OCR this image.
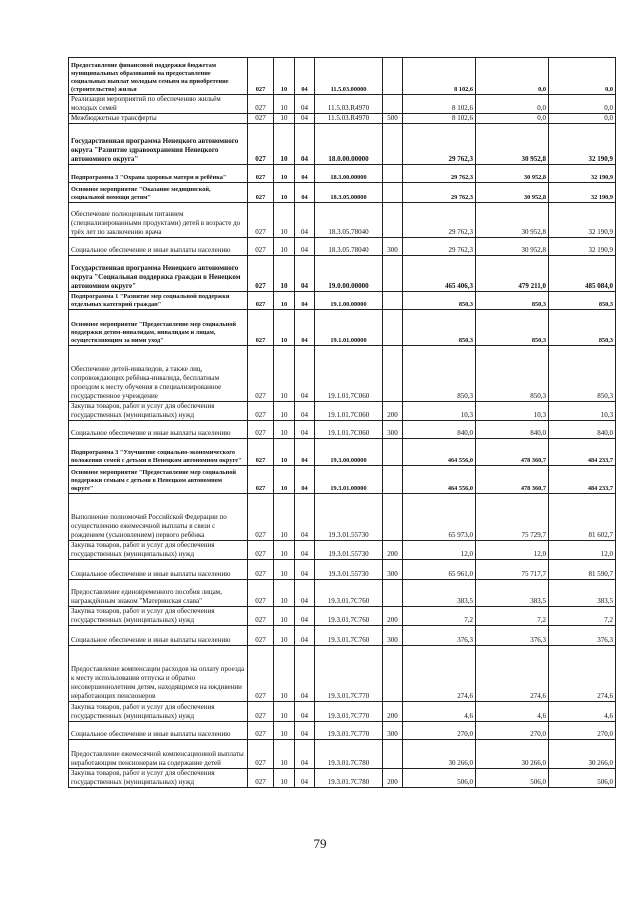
Предоставление финансовой поддержки бюджетам муниципальных образований на предоставление социальных выплат молодым семьям на приобретение (строительство) жилья	027	10	04	11.5.03.00000		8 102,6	0,0	0,0
Реализация мероприятий по обеспечению жильём молодых семей	027	10	04	11.5.03.R4970		8 102,6	0,0	0,0
Межбюджетные трансферты	027	10	04	11.5.03.R4970	500	8 102,6	0,0	0,0
Государственная программа Ненецкого автономного округа "Развитие здравоохранения Ненецкого автономного округа"	027	10	04	18.0.00.00000		29 762,3	30 952,8	32 190,9
Подпрограмма 3 "Охрана здоровья матери и ребёнка"	027	10	04	18.3.00.00000		29 762,3	30 952,8	32 190,9
Основное мероприятие "Оказание медицинской, социальной помощи детям"	027	10	04	18.3.05.00000		29 762,3	30 952,8	32 190,9
Обеспечение полноценным питанием (специализированными продуктами) детей в возрасте до трёх лет по заключению врача	027	10	04	18.3.05.78040		29 762,3	30 952,8	32 190,9
Социальное обеспечение и иные выплаты населению	027	10	04	18.3.05.78040	300	29 762,3	30 952,8	32 190,9
Государственная программа Ненецкого автономного округа "Социальная поддержка граждан в Ненецком автономном округе"	027	10	04	19.0.00.00000		465 406,3	479 211,0	485 084,0
Подпрограмма 1 "Развитие мер социальной поддержки отдельных категорий граждан"	027	10	04	19.1.00.00000		850,3	850,3	850,3
Основное мероприятие "Предоставление мер социальной поддержки детям-инвалидам, инвалидам и лицам, осуществляющим за ними уход"	027	10	04	19.1.01.00000		850,3	850,3	850,3
Обеспечение детей-инвалидов, а также лиц, сопровождающих ребёнка-инвалида, бесплатным проездом к месту обучения в специализированное государственное учреждение	027	10	04	19.1.01.7C060		850,3	850,3	850,3
Закупка товаров, работ и услуг для обеспечения государственных (муниципальных) нужд	027	10	04	19.1.01.7C060	200	10,3	10,3	10,3
Социальное обеспечение и иные выплаты населению	027	10	04	19.1.01.7C060	300	840,0	840,0	840,0
Подпрограмма 3 "Улучшение социально-экономического положения семей с детьми в Ненецком автономном округе"	027	10	04	19.3.00.00000		464 556,0	478 360,7	484 233,7
Основное мероприятие "Предоставление мер социальной поддержки семьям с детьми в Ненецком автономном округе"	027	10	04	19.3.01.00000		464 556,0	478 360,7	484 233,7
Выполнение полномочий Российской Федерации по осуществлению ежемесячной выплаты в связи с рождением (усыновлением) первого ребёнка	027	10	04	19.3.01.55730		65 973,0	75 729,7	81 602,7
Закупка товаров, работ и услуг для обеспечения государственных (муниципальных) нужд	027	10	04	19.3.01.55730	200	12,0	12,0	12,0
Социальное обеспечение и иные выплаты населению	027	10	04	19.3.01.55730	300	65 961,0	75 717,7	81 590,7
Предоставление единовременного пособия лицам, награждённым знаком "Материнская слава"	027	10	04	19.3.01.7C760		383,5	383,5	383,5
Закупка товаров, работ и услуг для обеспечения государственных (муниципальных) нужд	027	10	04	19.3.01.7C760	200	7,2	7,2	7,2
Социальное обеспечение и иные выплаты населению	027	10	04	19.3.01.7C760	300	376,3	376,3	376,3
Предоставление компенсации расходов на оплату проезда к месту использования отпуска и обратно несовершеннолетним детям, находящимся на иждивении неработающих пенсионеров	027	10	04	19.3.01.7C770		274,6	274,6	274,6
Закупка товаров, работ и услуг для обеспечения государственных (муниципальных) нужд	027	10	04	19.3.01.7C770	200	4,6	4,6	4,6
Социальное обеспечение и иные выплаты населению	027	10	04	19.3.01.7C770	300	270,0	270,0	270,0
Предоставление ежемесячной компенсационной выплаты неработающим пенсионерам на содержание детей	027	10	04	19.3.01.7C780		30 266,0	30 266,0	30 266,0
Закупка товаров, работ и услуг для обеспечения государственных (муниципальных) нужд	027	10	04	19.3.01.7C780	200	506,0	506,0	506,0
79
